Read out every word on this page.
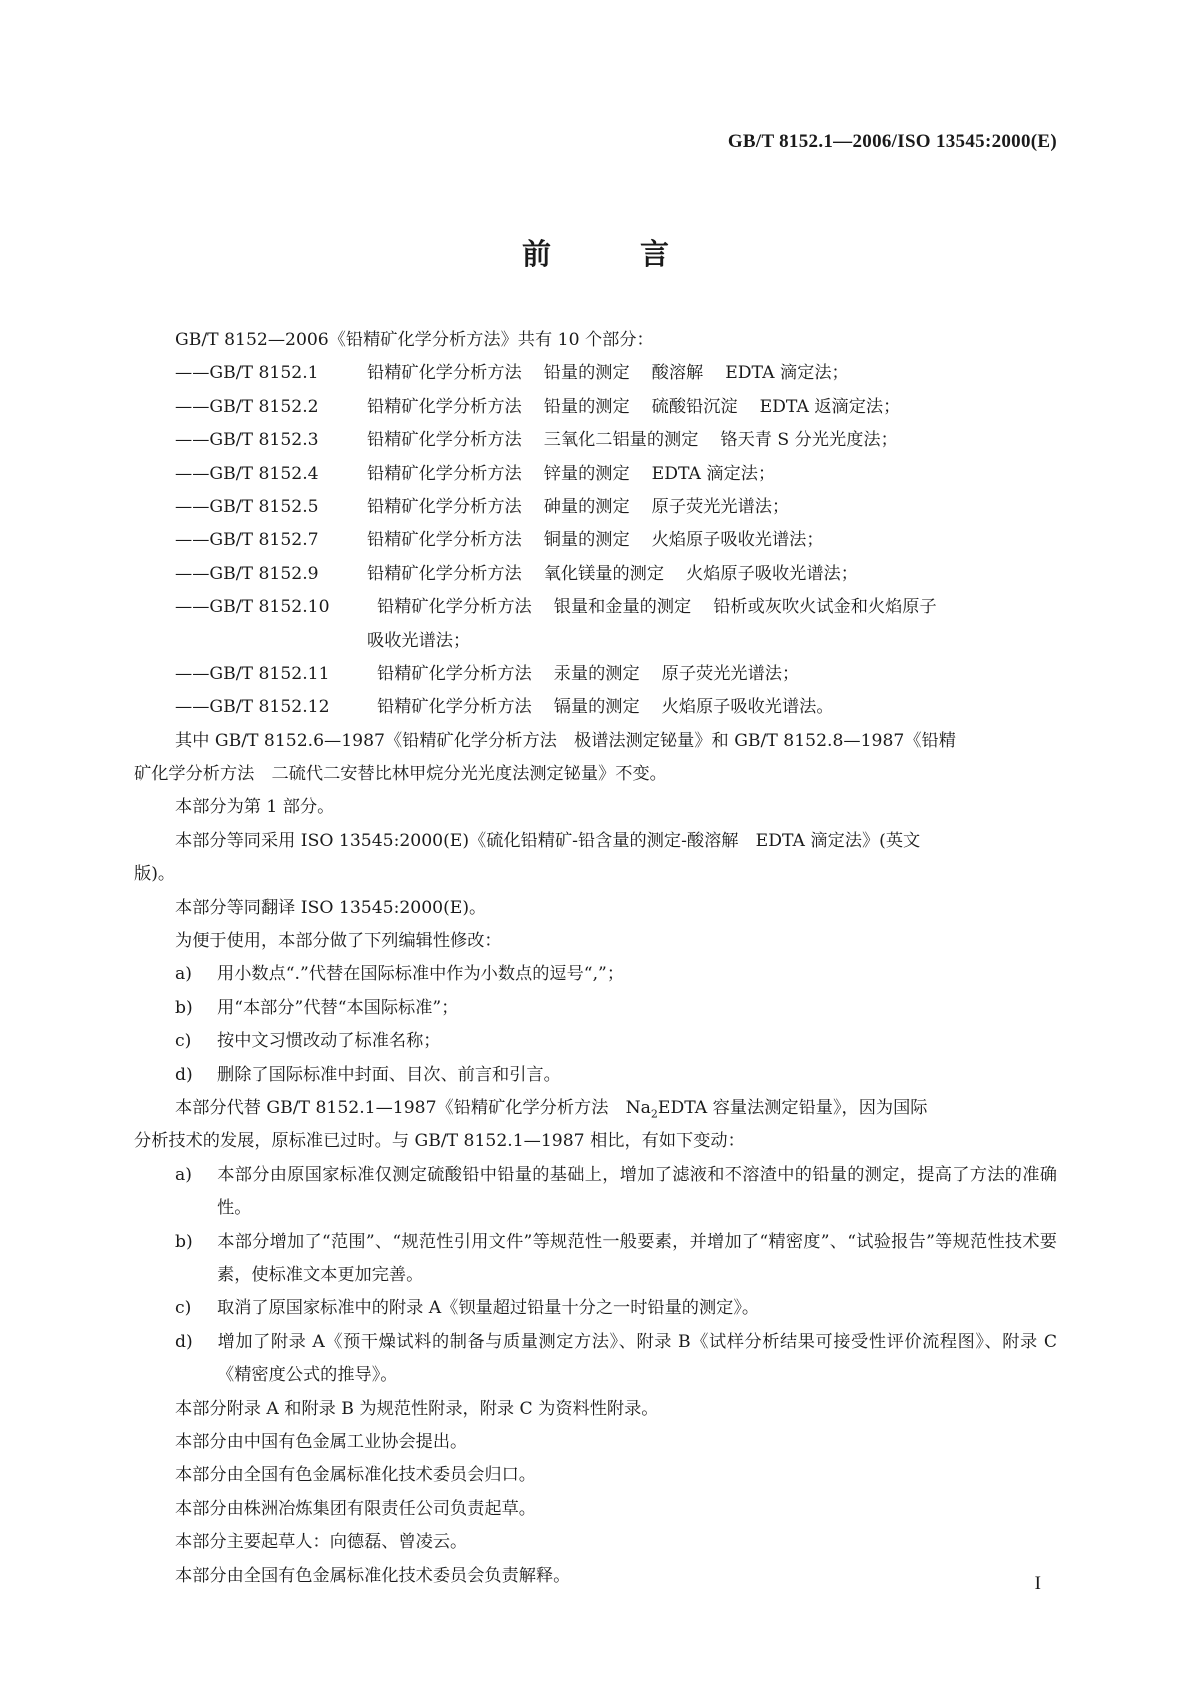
GB/T 8152.1—2006/ISO 13545:2000(E)
前　言
GB/T 8152—2006《铅精矿化学分析方法》共有 10 个部分：
——GB/T 8152.1	铅精矿化学分析方法 铅量的测定 酸溶解 EDTA 滴定法；
——GB/T 8152.2	铅精矿化学分析方法 铅量的测定 硫酸铅沉淀 EDTA 返滴定法；
——GB/T 8152.3	铅精矿化学分析方法 三氧化二铝量的测定 铬天青 S 分光光度法；
——GB/T 8152.4	铅精矿化学分析方法 锌量的测定 EDTA 滴定法；
——GB/T 8152.5	铅精矿化学分析方法 砷量的测定 原子荧光光谱法；
——GB/T 8152.7	铅精矿化学分析方法 铜量的测定 火焰原子吸收光谱法；
——GB/T 8152.9	铅精矿化学分析方法 氧化镁量的测定 火焰原子吸收光谱法；
——GB/T 8152.10	铅精矿化学分析方法 银量和金量的测定 铅析或灰吹火试金和火焰原子
吸收光谱法；
——GB/T 8152.11	铅精矿化学分析方法 汞量的测定 原子荧光光谱法；
——GB/T 8152.12	铅精矿化学分析方法 镉量的测定 火焰原子吸收光谱法。
其中 GB/T 8152.6—1987《铅精矿化学分析方法　极谱法测定铋量》和 GB/T 8152.8—1987《铅精
矿化学分析方法　二硫代二安替比林甲烷分光光度法测定铋量》不变。
本部分为第 1 部分。
本部分等同采用 ISO 13545:2000(E)《硫化铅精矿-铅含量的测定-酸溶解　EDTA 滴定法》(英文
版)。
本部分等同翻译 ISO 13545:2000(E)。
为便于使用，本部分做了下列编辑性修改：
a) 用小数点“.”代替在国际标准中作为小数点的逗号“,”；
b) 用“本部分”代替“本国际标准”；
c) 按中文习惯改动了标准名称；
d) 删除了国际标准中封面、目次、前言和引言。
本部分代替 GB/T 8152.1—1987《铅精矿化学分析方法　$Na_2EDTA$ 容量法测定铅量》，因为国际
分析技术的发展，原标准已过时。与 GB/T 8152.1—1987 相比，有如下变动：
a) 本部分由原国家标准仅测定硫酸铅中铅量的基础上，增加了滤液和不溶渣中的铅量的测定，提高了方法的准确性。
b) 本部分增加了“范围”、“规范性引用文件”等规范性一般要素，并增加了“精密度”、“试验报告”等规范性技术要素，使标准文本更加完善。
c) 取消了原国家标准中的附录 A《钡量超过铅量十分之一时铅量的测定》。
d) 增加了附录 A《预干燥试料的制备与质量测定方法》、附录 B《试样分析结果可接受性评价流程图》、附录 C《精密度公式的推导》。
本部分附录 A 和附录 B 为规范性附录，附录 C 为资料性附录。
本部分由中国有色金属工业协会提出。
本部分由全国有色金属标准化技术委员会归口。
本部分由株洲冶炼集团有限责任公司负责起草。
本部分主要起草人：向德磊、曾凌云。
本部分由全国有色金属标准化技术委员会负责解释。	I
